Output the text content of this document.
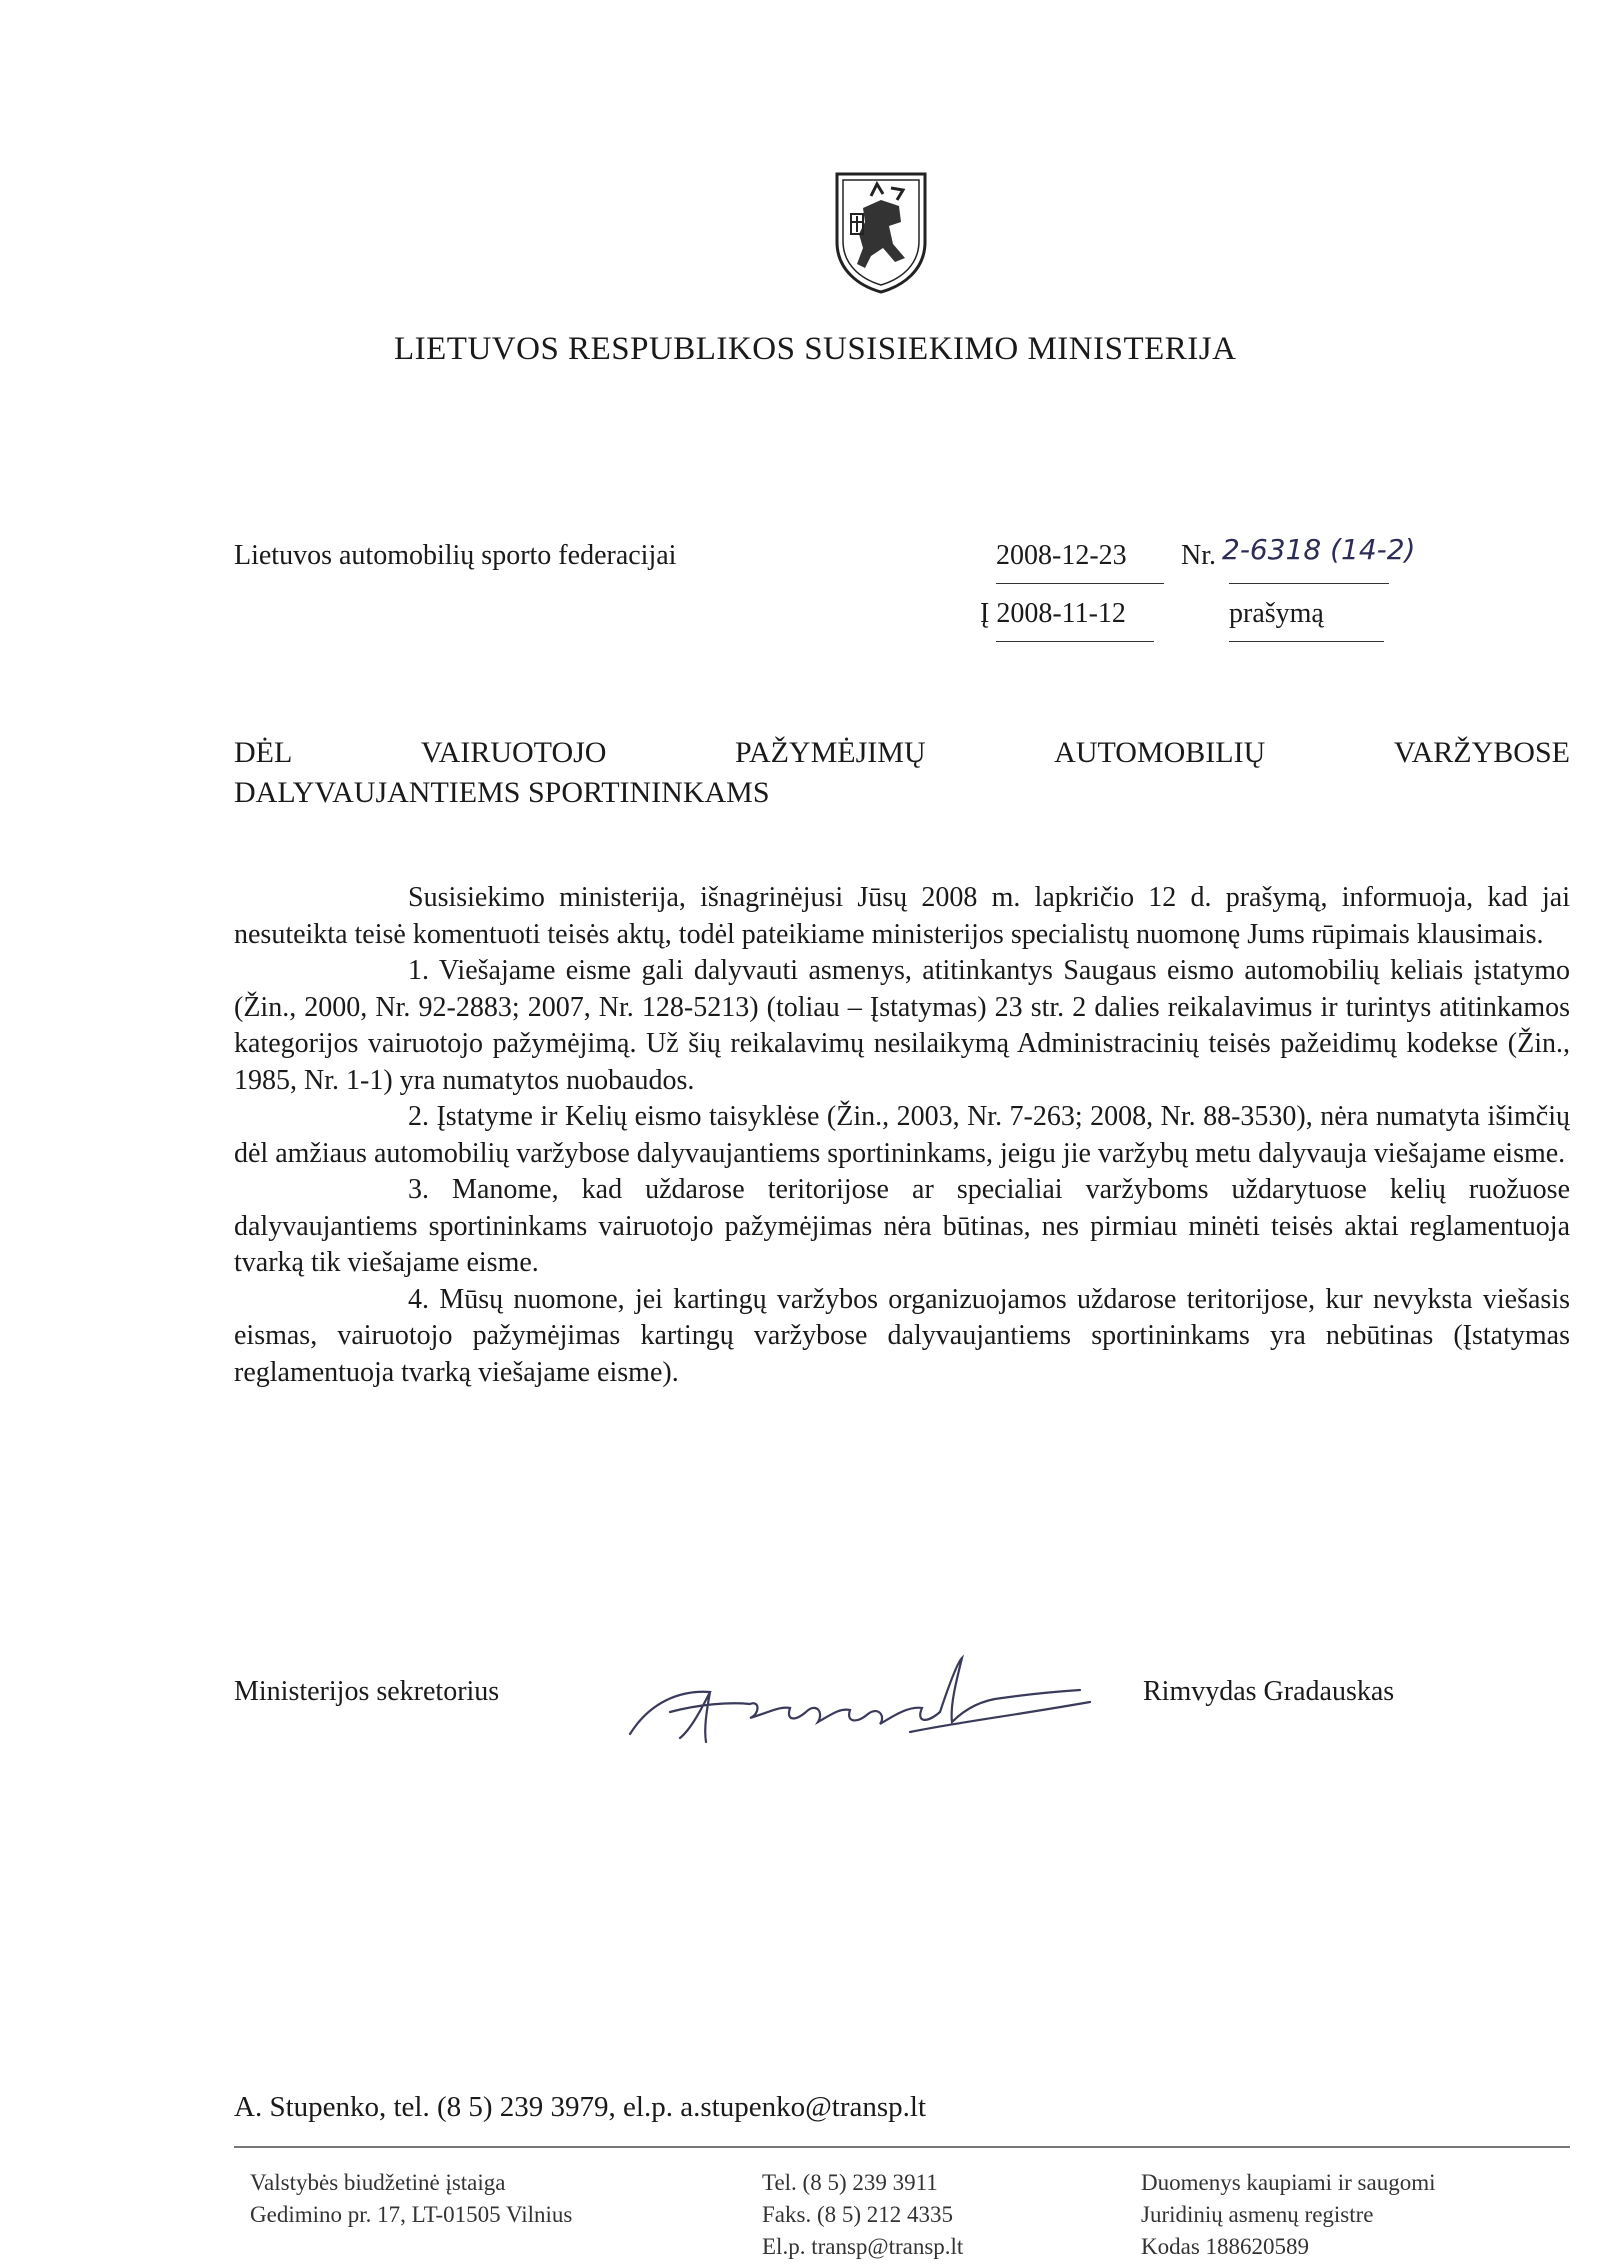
LIETUVOS RESPUBLIKOS SUSISIEKIMO MINISTERIJA
Lietuvos automobilių sporto federacijai	2008-12-23 Nr. 2-6318 (14-2)
Į 2008-11-12	prašymą
DĖL	VAIRUOTOJO	PAŽYMĖJIMŲ	AUTOMOBILIŲ	VARŽYBOSE
DALYVAUJANTIEMS SPORTININKAMS

Susisiekimo ministerija, išnagrinėjusi Jūsų 2008 m. lapkričio 12 d. prašymą, informuoja, kad jai nesuteikta teisė komentuoti teisės aktų, todėl pateikiame ministerijos specialistų nuomonę Jums rūpimais klausimais.

1. Viešajame eisme gali dalyvauti asmenys, atitinkantys Saugaus eismo automobilių keliais įstatymo (Žin., 2000, Nr. 92-2883; 2007, Nr. 128-5213) (toliau – Įstatymas) 23 str. 2 dalies reikalavimus ir turintys atitinkamos kategorijos vairuotojo pažymėjimą. Už šių reikalavimų nesilaikymą Administracinių teisės pažeidimų kodekse (Žin., 1985, Nr. 1-1) yra numatytos nuobaudos.

2. Įstatyme ir Kelių eismo taisyklėse (Žin., 2003, Nr. 7-263; 2008, Nr. 88-3530), nėra numatyta išimčių dėl amžiaus automobilių varžybose dalyvaujantiems sportininkams, jeigu jie varžybų metu dalyvauja viešajame eisme.

3. Manome, kad uždarose teritorijose ar specialiai varžyboms uždarytuose kelių ruožuose dalyvaujantiems sportininkams vairuotojo pažymėjimas nėra būtinas, nes pirmiau minėti teisės aktai reglamentuoja tvarką tik viešajame eisme.

4. Mūsų nuomone, jei kartingų varžybos organizuojamos uždarose teritorijose, kur nevyksta viešasis eismas, vairuotojo pažymėjimas kartingų varžybose dalyvaujantiems sportininkams yra nebūtinas (Įstatymas reglamentuoja tvarką viešajame eisme).

Ministerijos sekretorius	Rimvydas Gradauskas
A. Stupenko, tel. (8 5) 239 3979, el.p. a.stupenko@transp.lt
Valstybės biudžetinė įstaiga
Gedimino pr. 17, LT-01505 Vilnius
Tel. (8 5) 239 3911
Faks. (8 5) 212 4335
El.p. transp@transp.lt
Duomenys kaupiami ir saugomi
Juridinių asmenų registre
Kodas 188620589
